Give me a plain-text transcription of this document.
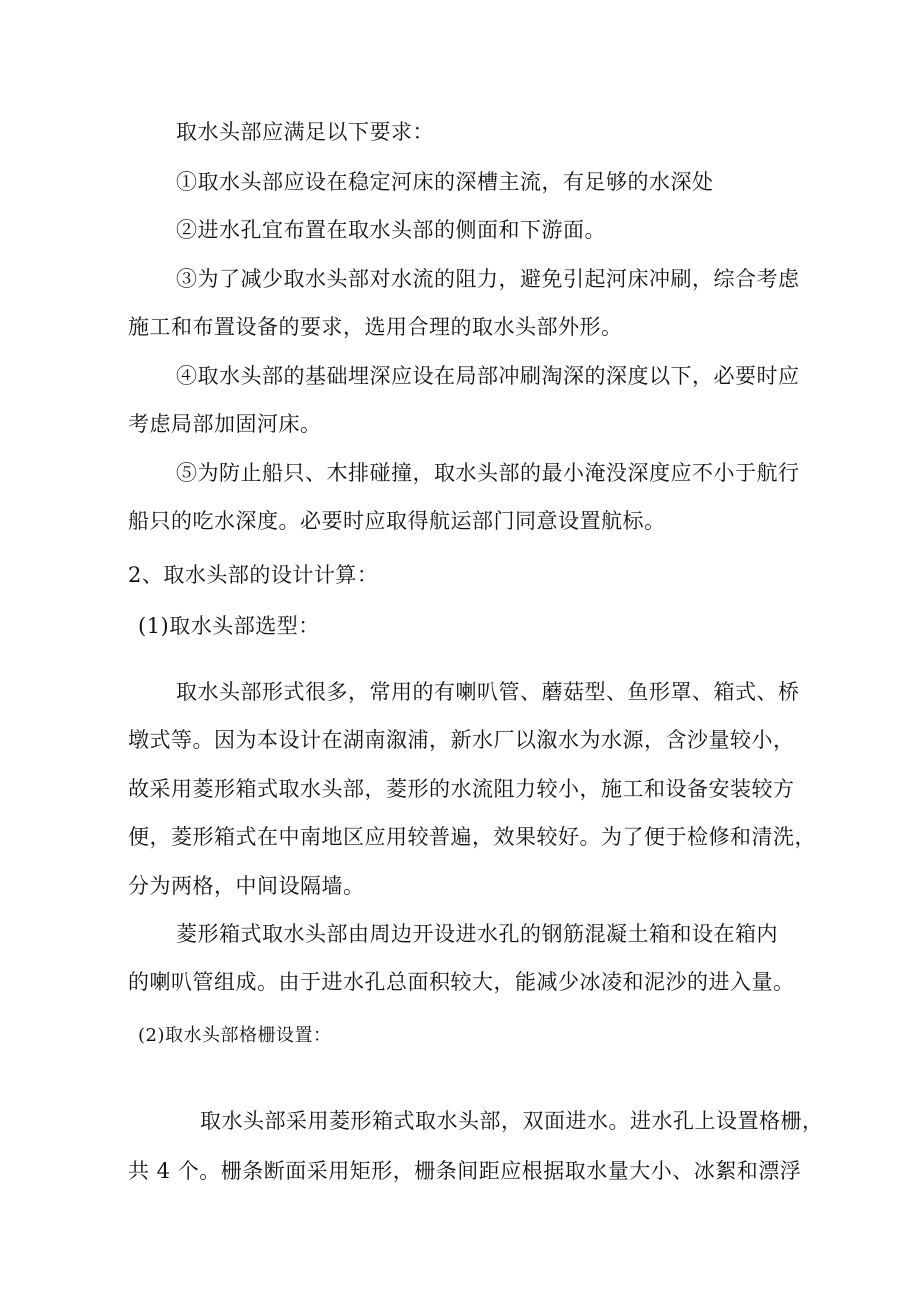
取水头部应满足以下要求：
①取水头部应设在稳定河床的深槽主流，有足够的水深处
②进水孔宜布置在取水头部的侧面和下游面。
③为了减少取水头部对水流的阻力，避免引起河床冲刷，综合考虑
施工和布置设备的要求，选用合理的取水头部外形。
④取水头部的基础埋深应设在局部冲刷淘深的深度以下，必要时应
考虑局部加固河床。
⑤为防止船只、木排碰撞，取水头部的最小淹没深度应不小于航行
船只的吃水深度。必要时应取得航运部门同意设置航标。
2、取水头部的设计计算：
(1)取水头部选型：
取水头部形式很多，常用的有喇叭管、蘑菇型、鱼形罩、箱式、桥
墩式等。因为本设计在湖南溆浦，新水厂以溆水为水源，含沙量较小，
故采用菱形箱式取水头部，菱形的水流阻力较小，施工和设备安装较方
便，菱形箱式在中南地区应用较普遍，效果较好。为了便于检修和清洗，
分为两格，中间设隔墙。
菱形箱式取水头部由周边开设进水孔的钢筋混凝土箱和设在箱内
的喇叭管组成。由于进水孔总面积较大，能减少冰凌和泥沙的进入量。
(2)取水头部格栅设置：
取水头部采用菱形箱式取水头部，双面进水。进水孔上设置格栅，
共 4 个。栅条断面采用矩形，栅条间距应根据取水量大小、冰絮和漂浮
